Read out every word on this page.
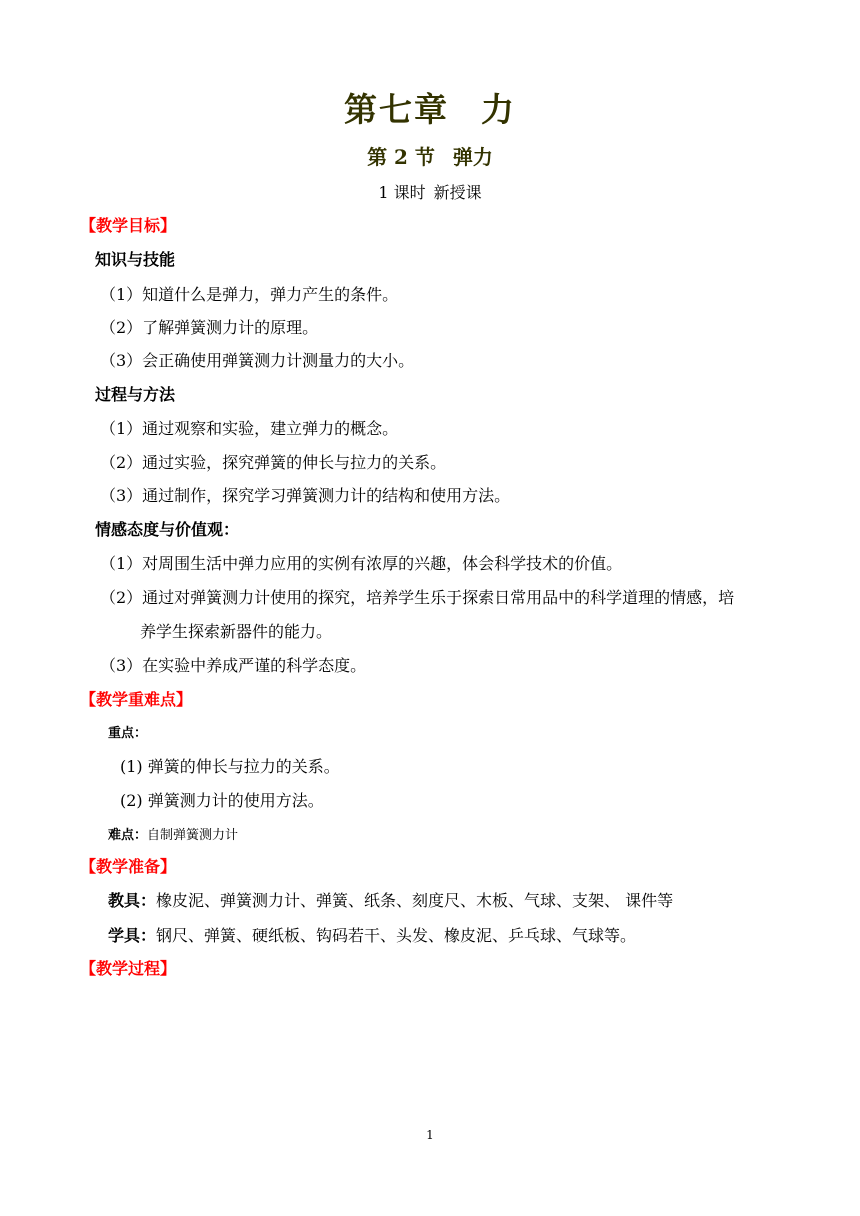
第七章 力
第 2 节 弹力
1 课时 新授课
【教学目标】
知识与技能
（1）知道什么是弹力，弹力产生的条件。
（2）了解弹簧测力计的原理。
（3）会正确使用弹簧测力计测量力的大小。
过程与方法
（1）通过观察和实验，建立弹力的概念。
（2）通过实验，探究弹簧的伸长与拉力的关系。
（3）通过制作，探究学习弹簧测力计的结构和使用方法。
情感态度与价值观：
（1）对周围生活中弹力应用的实例有浓厚的兴趣，体会科学技术的价值。
（2）通过对弹簧测力计使用的探究，培养学生乐于探索日常用品中的科学道理的情感，培
养学生探索新器件的能力。
（3）在实验中养成严谨的科学态度。
【教学重难点】
重点：
(1) 弹簧的伸长与拉力的关系。
(2) 弹簧测力计的使用方法。
难点：自制弹簧测力计
【教学准备】
教具：橡皮泥、弹簧测力计、弹簧、纸条、刻度尺、木板、气球、支架、 课件等
学具：钢尺、弹簧、硬纸板、钩码若干、头发、橡皮泥、乒乓球、气球等。
【教学过程】
1
